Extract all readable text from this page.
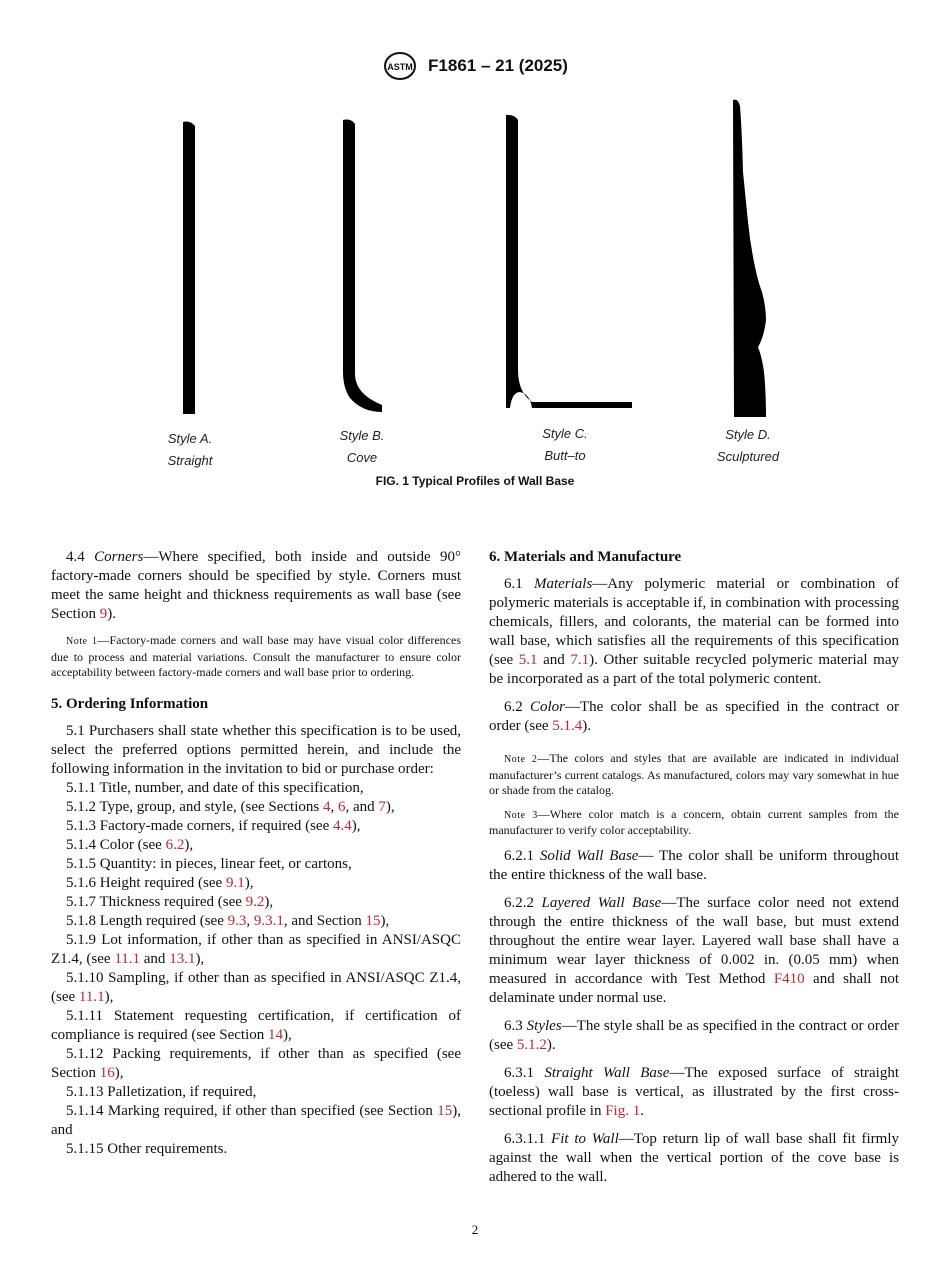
ASTM F1861 – 21 (2025)
Style A.
Straight
Style B.
Cove
Style C.
Butt–to
Style D.
Sculptured
FIG. 1 Typical Profiles of Wall Base

4.4 Corners—Where specified, both inside and outside 90° factory-made corners should be specified by style. Corners must meet the same height and thickness requirements as wall base (see Section 9).

Note 1—Factory-made corners and wall base may have visual color differences due to process and material variations. Consult the manufacturer to ensure color acceptability between factory-made corners and wall base prior to ordering.

5. Ordering Information

5.1 Purchasers shall state whether this specification is to be used, select the preferred options permitted herein, and include the following information in the invitation to bid or purchase order:

5.1.1 Title, number, and date of this specification,

5.1.2 Type, group, and style, (see Sections 4, 6, and 7),

5.1.3 Factory-made corners, if required (see 4.4),

5.1.4 Color (see 6.2),

5.1.5 Quantity: in pieces, linear feet, or cartons,

5.1.6 Height required (see 9.1),

5.1.7 Thickness required (see 9.2),

5.1.8 Length required (see 9.3, 9.3.1, and Section 15),

5.1.9 Lot information, if other than as specified in ANSI/ASQC Z1.4, (see 11.1 and 13.1),

5.1.10 Sampling, if other than as specified in ANSI/ASQC Z1.4, (see 11.1),

5.1.11 Statement requesting certification, if certification of compliance is required (see Section 14),

5.1.12 Packing requirements, if other than as specified (see Section 16),

5.1.13 Palletization, if required,

5.1.14 Marking required, if other than specified (see Section 15), and

5.1.15 Other requirements.

6. Materials and Manufacture

6.1 Materials—Any polymeric material or combination of polymeric materials is acceptable if, in combination with processing chemicals, fillers, and colorants, the material can be formed into wall base, which satisfies all the requirements of this specification (see 5.1 and 7.1). Other suitable recycled polymeric material may be incorporated as a part of the total polymeric content.

6.2 Color—The color shall be as specified in the contract or order (see 5.1.4).

Note 2—The colors and styles that are available are indicated in individual manufacturer’s current catalogs. As manufactured, colors may vary somewhat in hue or shade from the catalog.

Note 3—Where color match is a concern, obtain current samples from the manufacturer to verify color acceptability.

6.2.1 Solid Wall Base— The color shall be uniform throughout the entire thickness of the wall base.

6.2.2 Layered Wall Base—The surface color need not extend through the entire thickness of the wall base, but must extend throughout the entire wear layer. Layered wall base shall have a minimum wear layer thickness of 0.002 in. (0.05 mm) when measured in accordance with Test Method F410 and shall not delaminate under normal use.

6.3 Styles—The style shall be as specified in the contract or order (see 5.1.2).

6.3.1 Straight Wall Base—The exposed surface of straight (toeless) wall base is vertical, as illustrated by the first cross-sectional profile in Fig. 1.

6.3.1.1 Fit to Wall—Top return lip of wall base shall fit firmly against the wall when the vertical portion of the cove base is adhered to the wall.

2
